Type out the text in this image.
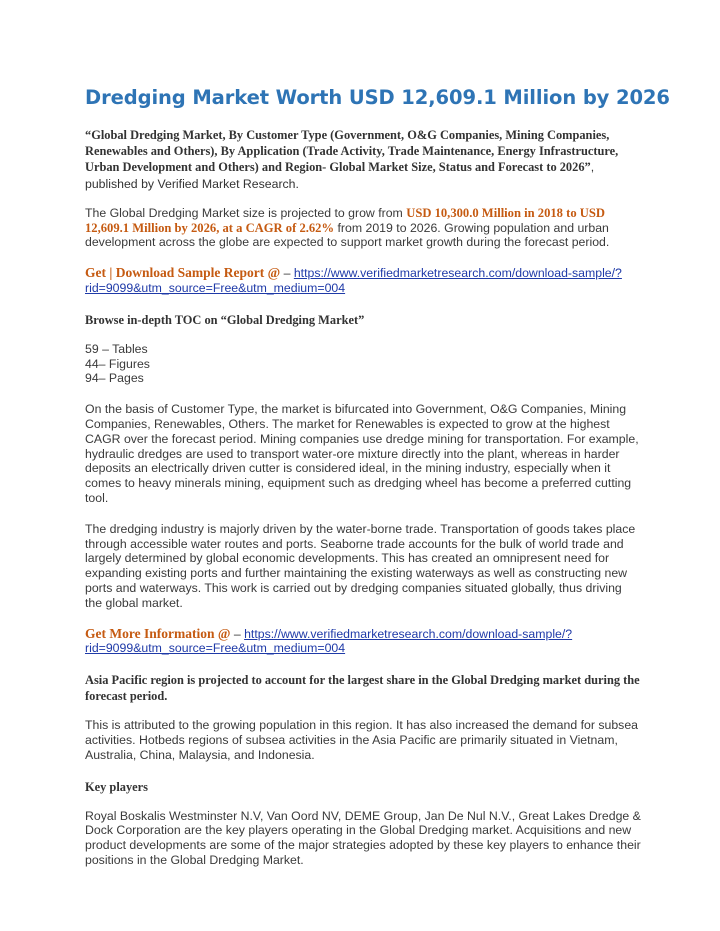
Dredging Market Worth USD 12,609.1 Million by 2026

“Global Dredging Market, By Customer Type (Government, O&G Companies, Mining Companies, Renewables and Others), By Application (Trade Activity, Trade Maintenance, Energy Infrastructure, Urban Development and Others) and Region- Global Market Size, Status and Forecast to 2026”, published by Verified Market Research.

The Global Dredging Market size is projected to grow from USD 10,300.0 Million in 2018 to USD 12,609.1 Million by 2026, at a CAGR of 2.62% from 2019 to 2026. Growing population and urban development across the globe are expected to support market growth during the forecast period.

Get | Download Sample Report @ – https://www.verifiedmarketresearch.com/download-sample/?rid=9099&utm_source=Free&utm_medium=004

Browse in-depth TOC on “Global Dredging Market”

59 – Tables
44– Figures
94– Pages

On the basis of Customer Type, the market is bifurcated into Government, O&G Companies, Mining Companies, Renewables, Others. The market for Renewables is expected to grow at the highest CAGR over the forecast period. Mining companies use dredge mining for transportation. For example, hydraulic dredges are used to transport water-ore mixture directly into the plant, whereas in harder deposits an electrically driven cutter is considered ideal, in the mining industry, especially when it comes to heavy minerals mining, equipment such as dredging wheel has become a preferred cutting tool.

The dredging industry is majorly driven by the water-borne trade. Transportation of goods takes place through accessible water routes and ports. Seaborne trade accounts for the bulk of world trade and largely determined by global economic developments. This has created an omnipresent need for expanding existing ports and further maintaining the existing waterways as well as constructing new ports and waterways. This work is carried out by dredging companies situated globally, thus driving the global market.

Get More Information @ – https://www.verifiedmarketresearch.com/download-sample/?rid=9099&utm_source=Free&utm_medium=004

Asia Pacific region is projected to account for the largest share in the Global Dredging market during the forecast period.

This is attributed to the growing population in this region. It has also increased the demand for subsea activities. Hotbeds regions of subsea activities in the Asia Pacific are primarily situated in Vietnam, Australia, China, Malaysia, and Indonesia.

Key players

Royal Boskalis Westminster N.V, Van Oord NV, DEME Group, Jan De Nul N.V., Great Lakes Dredge & Dock Corporation are the key players operating in the Global Dredging market. Acquisitions and new product developments are some of the major strategies adopted by these key players to enhance their positions in the Global Dredging Market.
